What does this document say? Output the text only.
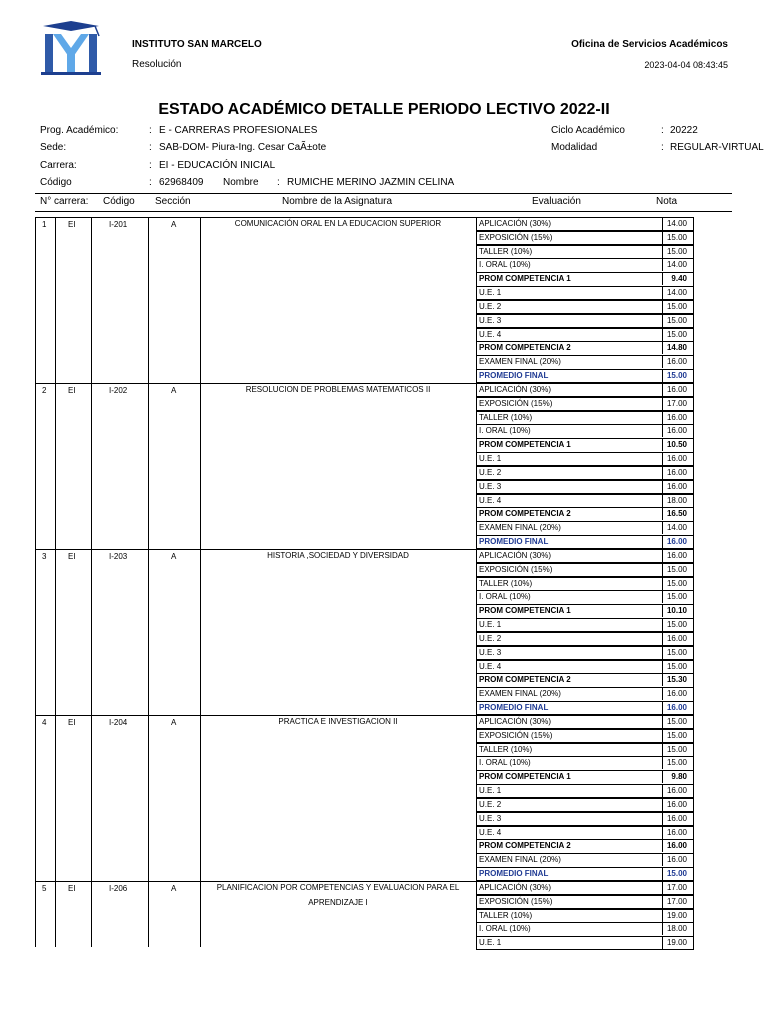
INSTITUTO SAN MARCELO
Resolución
Oficina de Servicios Académicos
2023-04-04 08:43:45
ESTADO ACADÉMICO DETALLE PERIODO LECTIVO 2022-II
Prog. Académico:	: E - CARRERAS PROFESIONALES
Sede:	: SAB-DOM- Piura-Ing. Cesar CaÃ±ote
Carrera:	: EI - EDUCACIÓN INICIAL
Código	: 62968409 Nombre : RUMICHE MERINO JAZMIN CELINA
Ciclo Académico	: 20222
Modalidad	: REGULAR-VIRTUAL
N° carrera: Código Sección	Nombre de la Asignatura	Evaluación	Nota
1	EI	I-201	A	COMUNICACIÓN ORAL EN LA EDUCACION SUPERIOR	APLICACIÓN (30%)	14.00
EXPOSICIÓN (15%)	15.00
TALLER (10%)	15.00
I. ORAL (10%)	14.00
PROM COMPETENCIA 1	9.40
U.E. 1	14.00
U.E. 2	15.00
U.E. 3	15.00
U.E. 4	15.00
PROM COMPETENCIA 2	14.80
EXAMEN FINAL (20%)	16.00
PROMEDIO FINAL	15.00
2	EI	I-202	A	RESOLUCION DE PROBLEMAS MATEMATICOS II	APLICACIÓN (30%)	16.00
EXPOSICIÓN (15%)	17.00
TALLER (10%)	16.00
I. ORAL (10%)	16.00
PROM COMPETENCIA 1	10.50
U.E. 1	16.00
U.E. 2	16.00
U.E. 3	16.00
U.E. 4	18.00
PROM COMPETENCIA 2	16.50
EXAMEN FINAL (20%)	14.00
PROMEDIO FINAL	16.00
3	EI	I-203	A	HISTORIA ,SOCIEDAD Y DIVERSIDAD	APLICACIÓN (30%)	16.00
EXPOSICIÓN (15%)	15.00
TALLER (10%)	15.00
I. ORAL (10%)	15.00
PROM COMPETENCIA 1	10.10
U.E. 1	15.00
U.E. 2	16.00
U.E. 3	15.00
U.E. 4	15.00
PROM COMPETENCIA 2	15.30
EXAMEN FINAL (20%)	16.00
PROMEDIO FINAL	16.00
4	EI	I-204	A	PRACTICA E INVESTIGACION II	APLICACIÓN (30%)	15.00
EXPOSICIÓN (15%)	15.00
TALLER (10%)	15.00
I. ORAL (10%)	15.00
PROM COMPETENCIA 1	9.80
U.E. 1	16.00
U.E. 2	16.00
U.E. 3	16.00
U.E. 4	16.00
PROM COMPETENCIA 2	16.00
EXAMEN FINAL (20%)	16.00
PROMEDIO FINAL	15.00
5	EI	I-206	A	PLANIFICACION POR COMPETENCIAS Y EVALUACION PARA EL APRENDIZAJE I
APLICACIÓN (30%)	17.00
EXPOSICIÓN (15%)	17.00
TALLER (10%)	19.00
I. ORAL (10%)	18.00
U.E. 1	19.00
